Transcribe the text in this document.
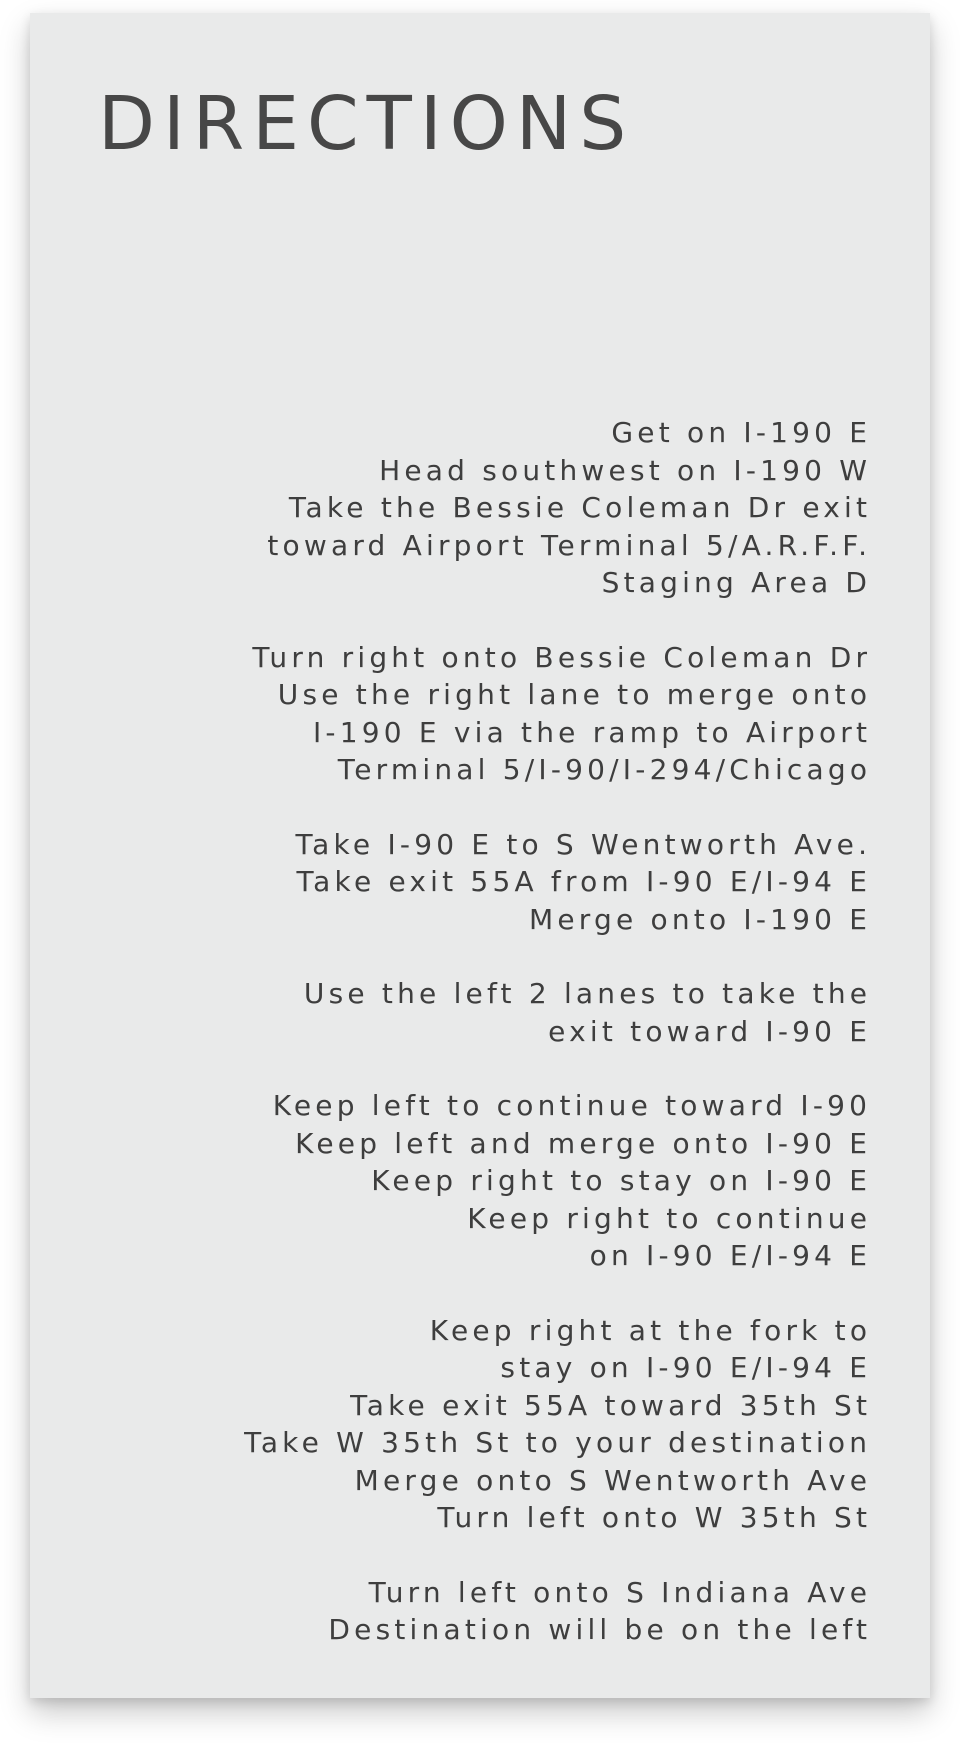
DIRECTIONS
Get on I-190 E
Head southwest on I-190 W
Take the Bessie Coleman Dr exit
toward Airport Terminal 5/A.R.F.F.
Staging Area D
Turn right onto Bessie Coleman Dr
Use the right lane to merge onto
I-190 E via the ramp to Airport
Terminal 5/I-90/I-294/Chicago
Take I-90 E to S Wentworth Ave.
Take exit 55A from I-90 E/I-94 E
Merge onto I-190 E
Use the left 2 lanes to take the
exit toward I-90 E
Keep left to continue toward I-90
Keep left and merge onto I-90 E
Keep right to stay on I-90 E
Keep right to continue
on I-90 E/I-94 E
Keep right at the fork to
stay on I-90 E/I-94 E
Take exit 55A toward 35th St
Take W 35th St to your destination
Merge onto S Wentworth Ave
Turn left onto W 35th St
Turn left onto S Indiana Ave
Destination will be on the left
